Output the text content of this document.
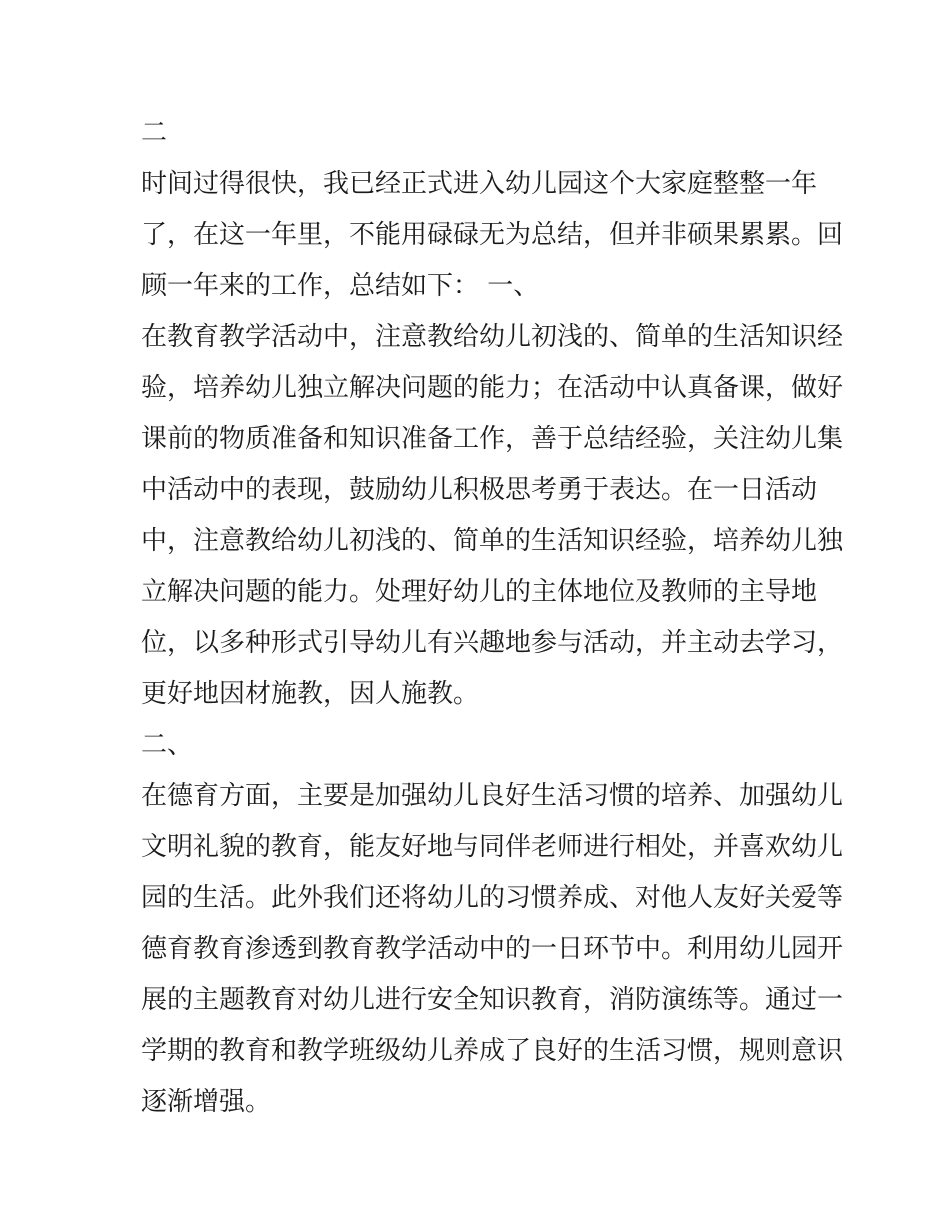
二
时间过得很快，我已经正式进入幼儿园这个大家庭整整一年
了，在这一年里，不能用碌碌无为总结，但并非硕果累累。回
顾一年来的工作，总结如下： 一、
在教育教学活动中，注意教给幼儿初浅的、简单的生活知识经
验，培养幼儿独立解决问题的能力；在活动中认真备课，做好
课前的物质准备和知识准备工作，善于总结经验，关注幼儿集
中活动中的表现，鼓励幼儿积极思考勇于表达。在一日活动
中，注意教给幼儿初浅的、简单的生活知识经验，培养幼儿独
立解决问题的能力。处理好幼儿的主体地位及教师的主导地
位，以多种形式引导幼儿有兴趣地参与活动，并主动去学习，
更好地因材施教，因人施教。
二、
在德育方面，主要是加强幼儿良好生活习惯的培养、加强幼儿
文明礼貌的教育，能友好地与同伴老师进行相处，并喜欢幼儿
园的生活。此外我们还将幼儿的习惯养成、对他人友好关爱等
德育教育渗透到教育教学活动中的一日环节中。利用幼儿园开
展的主题教育对幼儿进行安全知识教育，消防演练等。通过一
学期的教育和教学班级幼儿养成了良好的生活习惯，规则意识
逐渐增强。
